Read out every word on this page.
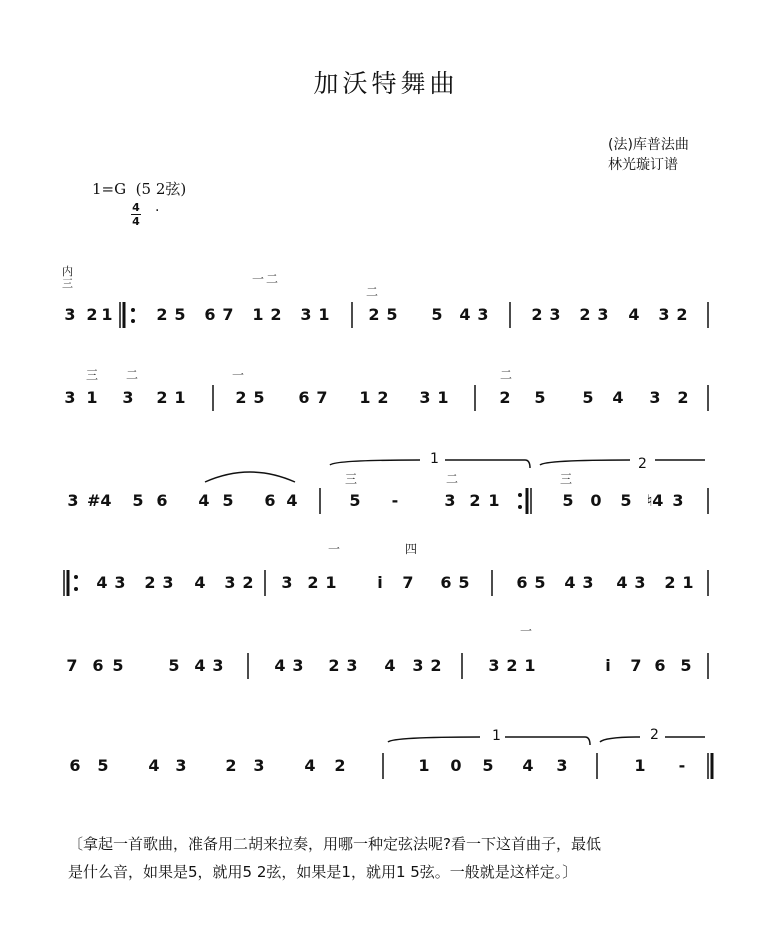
加沃特舞曲
(法)库普法曲
林光璇订谱
1=G (5 2弦)
4
4
·
内
三
3 2 1	2 5 6 7 1 2 3 1 2 5 5 4 3	2 3 2 3 4 3 2
3 1 3 2 1	2 5 6 7 1 2 3 1	2 5 5 4 3 2
3 #4 5 6 4 5 6 4	5 -	3 2 1	5 0 5 ♮4 3
4 3 2 3 4 3 2 3 2 1	i	7 6 5	6 5 4 3 4 3 2 1
7 6 5	5 4 3	4 3 2 3 4 3 2	3 2 1	i	7 6 5
6 5 4 3 2 3 4 2	1 0 5 4 3	1 -
1	2
1	2
一 二
二
一
三	二
二
二	三
三
一	四
一
〔拿起一首歌曲，准备用二胡来拉奏，用哪一种定弦法呢?看一下这首曲子，最低
是什么音，如果是5，就用5 2弦，如果是1，就用1 5弦。一般就是这样定。〕
